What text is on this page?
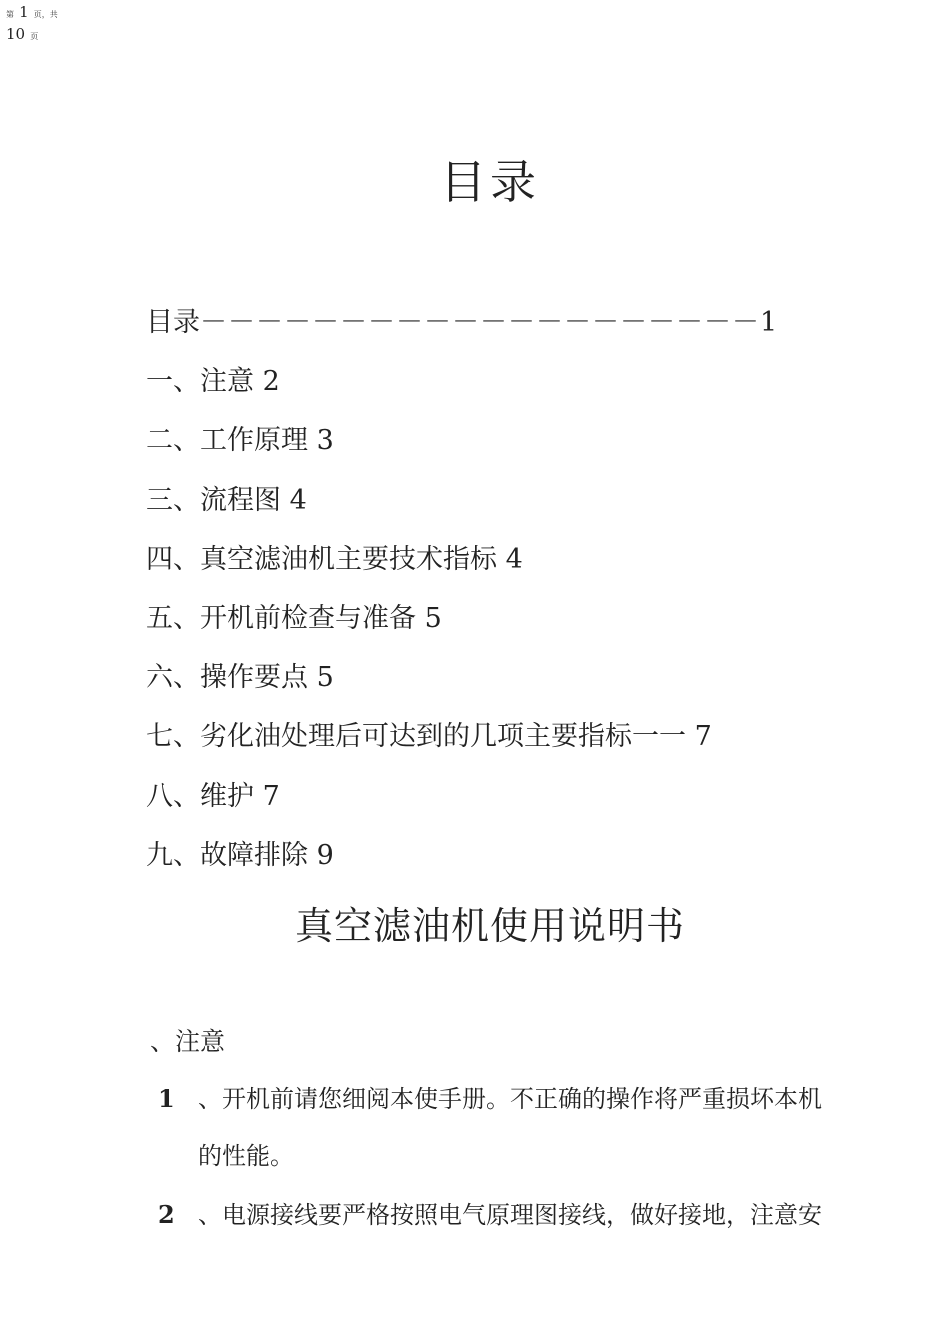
第 1 页，共
10 页
目录
目录－－－－－－－－－－－－－－－－－－－－1
一、注意 2
二、工作原理 3
三、流程图 4
四、真空滤油机主要技术指标 4
五、开机前检查与准备 5
六、操作要点 5
七、劣化油处理后可达到的几项主要指标一一 7
八、维护 7
九、故障排除 9
真空滤油机使用说明书
、注意
1 、开机前请您细阅本使手册。不正确的操作将严重损坏本机
的性能。
2 、电源接线要严格按照电气原理图接线，做好接地，注意安
